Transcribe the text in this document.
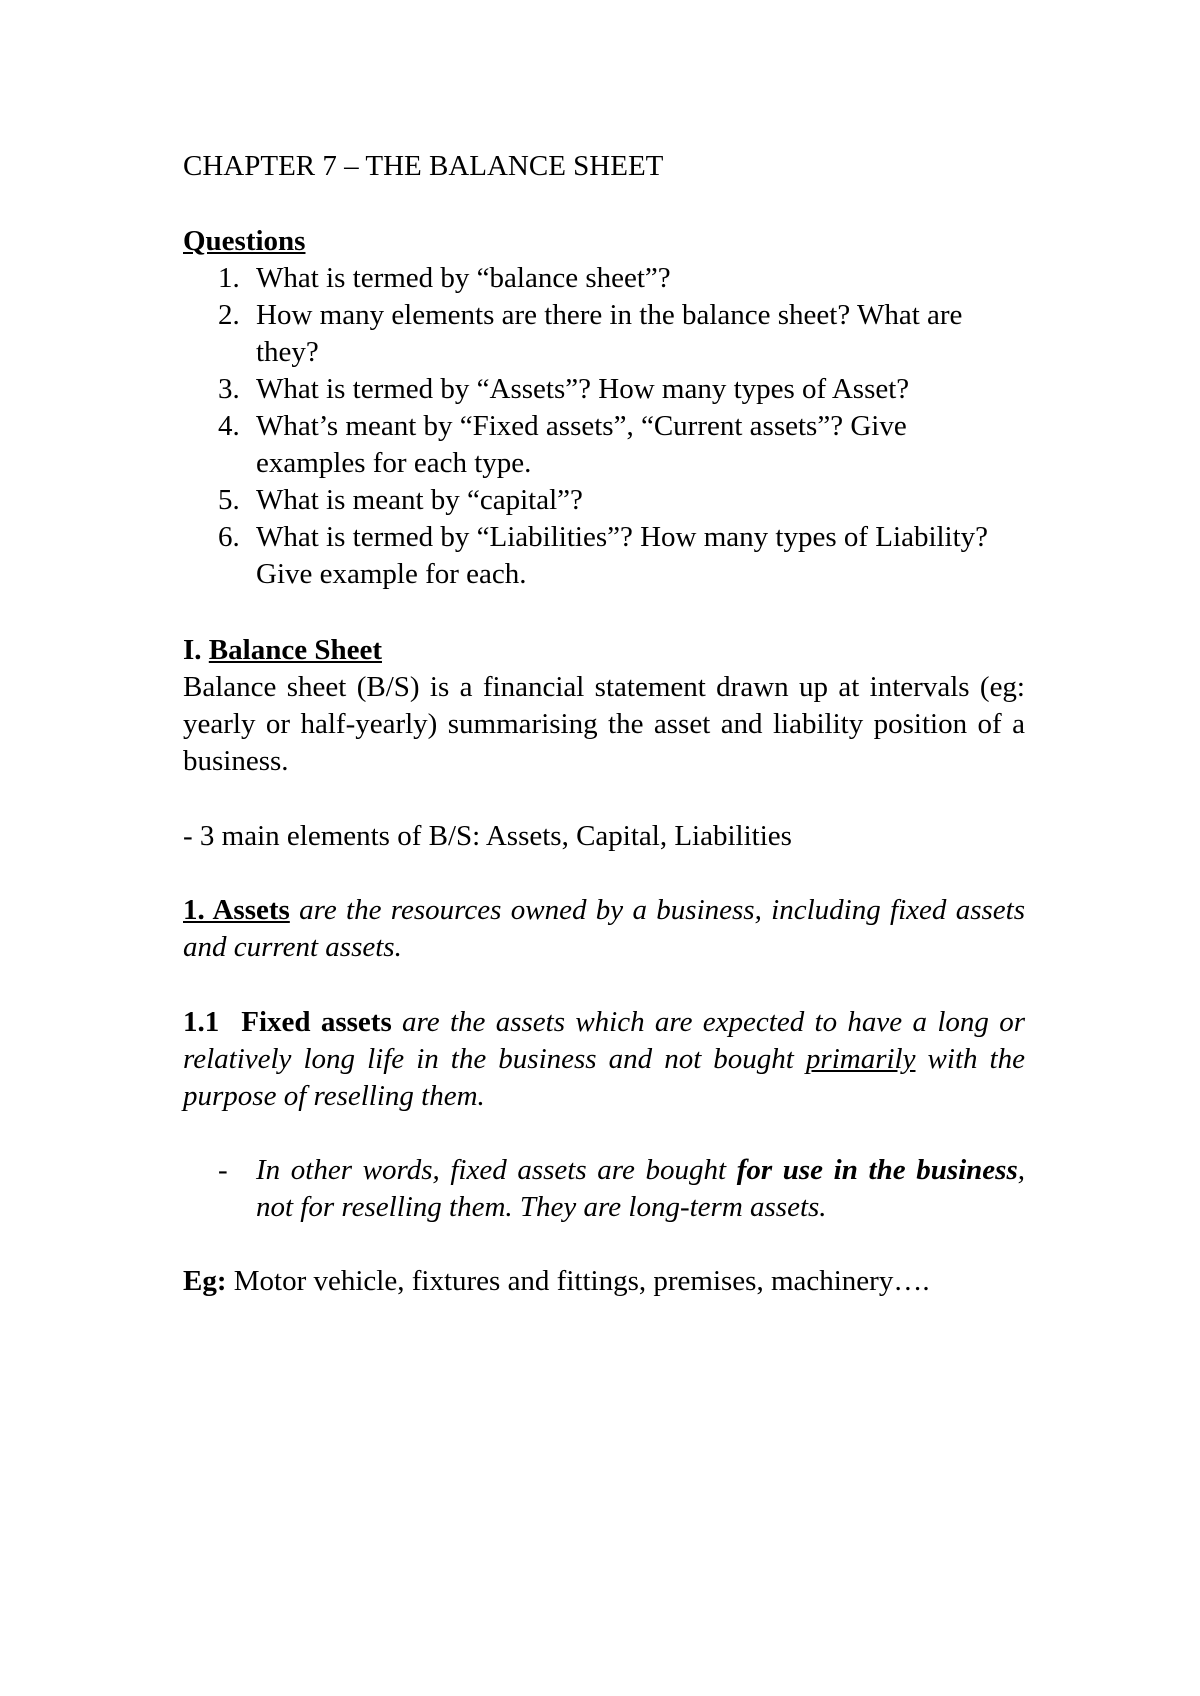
CHAPTER 7 – THE BALANCE SHEET

Questions

1. What is termed by “balance sheet”?
2. How many elements are there in the balance sheet? What are they?
3. What is termed by “Assets”? How many types of Asset?
4. What’s meant by “Fixed assets”, “Current assets”? Give examples for each type.
5. What is meant by “capital”?
6. What is termed by “Liabilities”? How many types of Liability? Give example for each.

I. Balance Sheet

Balance sheet (B/S) is a financial statement drawn up at intervals (eg: yearly or half-yearly) summarising the asset and liability position of a business.

- 3 main elements of B/S: Assets, Capital, Liabilities

1. Assets are the resources owned by a business, including fixed assets and current assets.

1.1 Fixed assets are the assets which are expected to have a long or relatively long life in the business and not bought primarily with the purpose of reselling them.

- In other words, fixed assets are bought for use in the business, not for reselling them. They are long-term assets.

Eg: Motor vehicle, fixtures and fittings, premises, machinery….
